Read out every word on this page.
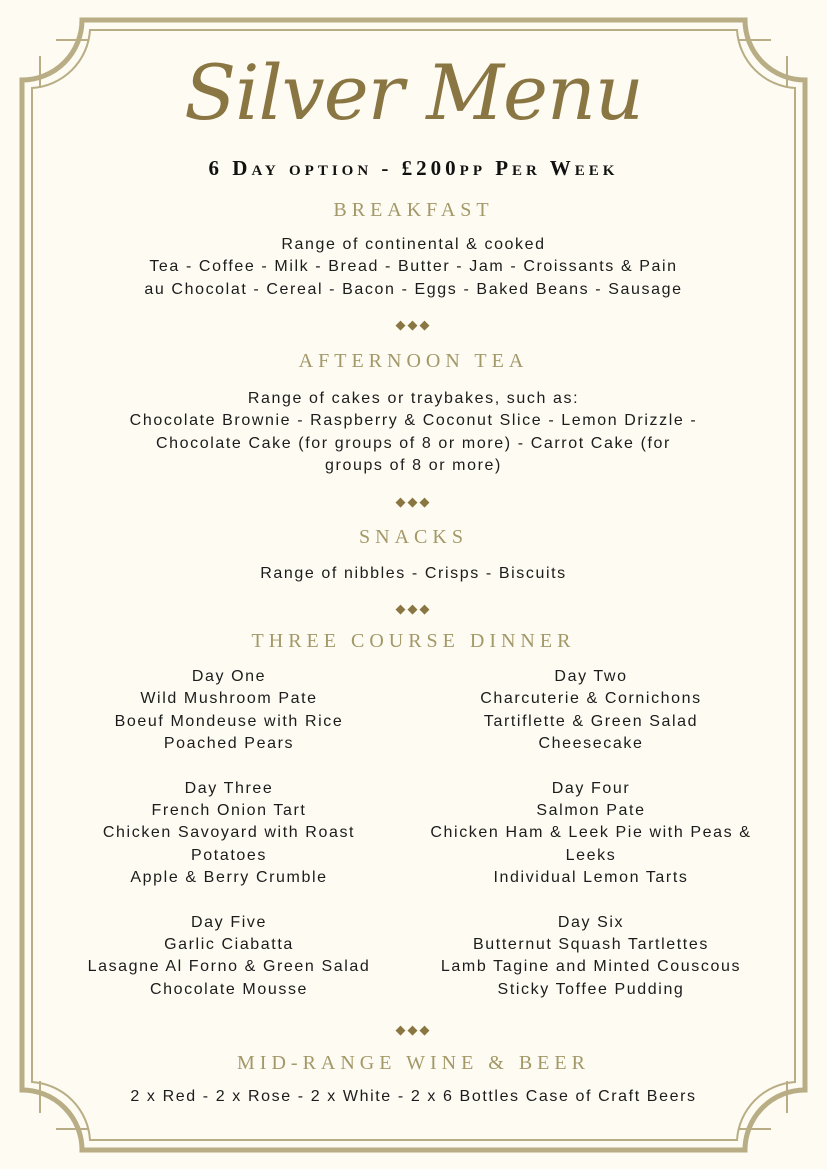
Silver Menu
6 Day option - £200pp Per Week
BREAKFAST
Range of continental & cooked
Tea - Coffee - Milk - Bread - Butter - Jam - Croissants & Pain
au Chocolat - Cereal - Bacon - Eggs - Baked Beans - Sausage
◆◆◆
AFTERNOON TEA
Range of cakes or traybakes, such as:
Chocolate Brownie - Raspberry & Coconut Slice - Lemon Drizzle -
Chocolate Cake (for groups of 8 or more) - Carrot Cake (for
groups of 8 or more)
◆◆◆
SNACKS
Range of nibbles - Crisps - Biscuits
◆◆◆
THREE COURSE DINNER
Day One
Wild Mushroom Pate
Boeuf Mondeuse with Rice
Poached Pears
Day Three
French Onion Tart
Chicken Savoyard with Roast
Potatoes
Apple & Berry Crumble
Day Five
Garlic Ciabatta
Lasagne Al Forno & Green Salad
Chocolate Mousse
Day Two
Charcuterie & Cornichons
Tartiflette & Green Salad
Cheesecake
Day Four
Salmon Pate
Chicken Ham & Leek Pie with Peas &
Leeks
Individual Lemon Tarts
Day Six
Butternut Squash Tartlettes
Lamb Tagine and Minted Couscous
Sticky Toffee Pudding
◆◆◆
MID-RANGE WINE & BEER
2 x Red - 2 x Rose - 2 x White - 2 x 6 Bottles Case of Craft Beers
